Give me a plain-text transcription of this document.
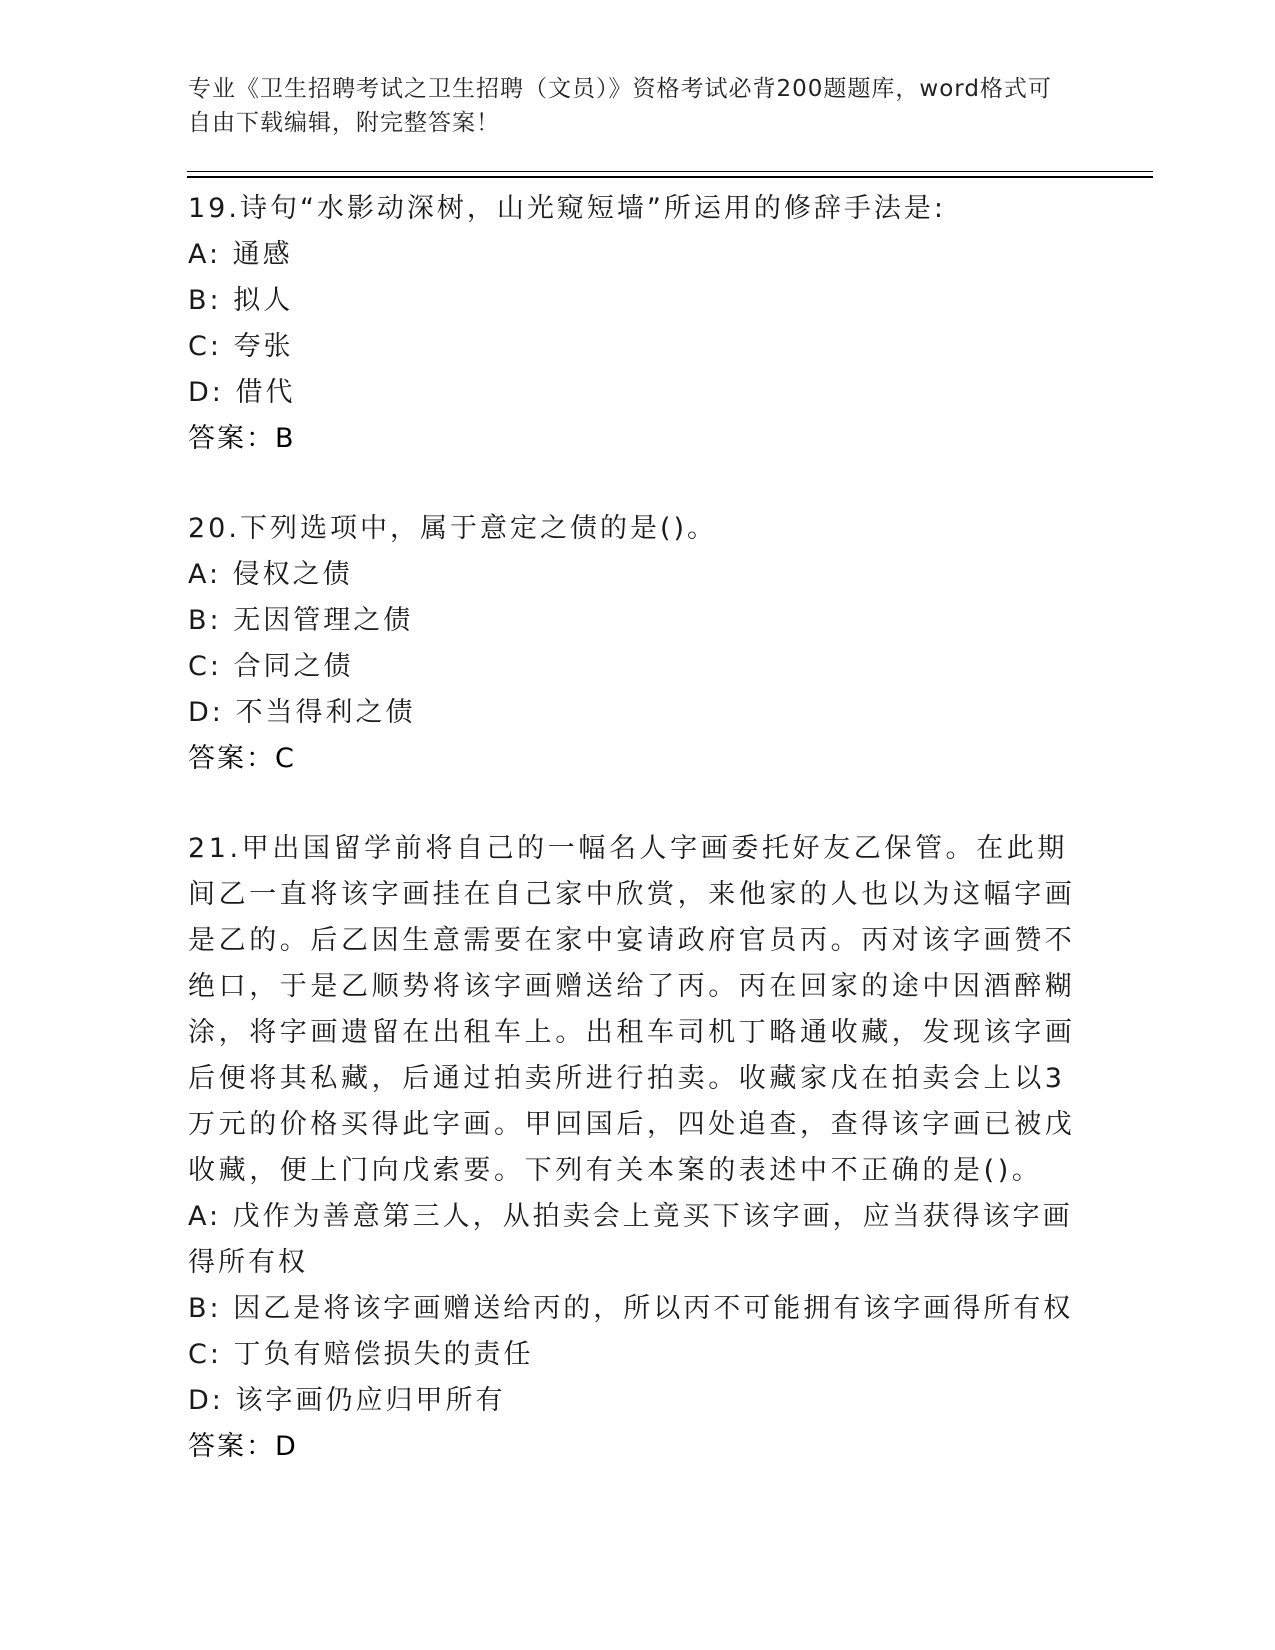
专业《卫生招聘考试之卫生招聘（文员）》资格考试必背200题题库，word格式可自由下载编辑，附完整答案！
19.诗句“水影动深树，山光窥短墙”所运用的修辞手法是:
A: 通感
B: 拟人
C: 夸张
D: 借代
答案：B
20.下列选项中，属于意定之债的是()。
A: 侵权之债
B: 无因管理之债
C: 合同之债
D: 不当得利之债
答案：C
21.甲出国留学前将自己的一幅名人字画委托好友乙保管。在此期间乙一直将该字画挂在自己家中欣赏，来他家的人也以为这幅字画是乙的。后乙因生意需要在家中宴请政府官员丙。丙对该字画赞不绝口，于是乙顺势将该字画赠送给了丙。丙在回家的途中因酒醉糊涂，将字画遗留在出租车上。出租车司机丁略通收藏，发现该字画后便将其私藏，后通过拍卖所进行拍卖。收藏家戊在拍卖会上以3万元的价格买得此字画。甲回国后，四处追查，查得该字画已被戊收藏，便上门向戊索要。下列有关本案的表述中不正确的是()。
A: 戊作为善意第三人，从拍卖会上竟买下该字画，应当获得该字画得所有权
B: 因乙是将该字画赠送给丙的，所以丙不可能拥有该字画得所有权
C: 丁负有赔偿损失的责任
D: 该字画仍应归甲所有
答案：D
